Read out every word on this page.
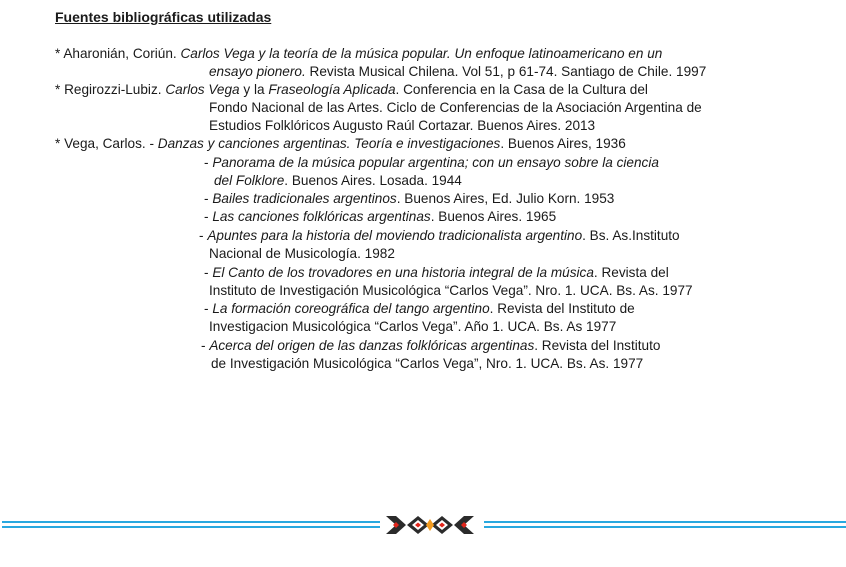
Fuentes bibliográficas utilizadas

* Aharonián, Coriún. Carlos Vega y la teoría de la música popular. Un enfoque latinoamericano en un

ensayo pionero. Revista Musical Chilena. Vol 51, p 61-74. Santiago de Chile. 1997

* Regirozzi-Lubiz. Carlos Vega y la Fraseología Aplicada. Conferencia en la Casa de la Cultura del

Fondo Nacional de las Artes. Ciclo de Conferencias de la Asociación Argentina de

Estudios Folklóricos Augusto Raúl Cortazar. Buenos Aires. 2013

* Vega, Carlos. - Danzas y canciones argentinas. Teoría e investigaciones. Buenos Aires, 1936

- Panorama de la música popular argentina; con un ensayo sobre la ciencia

del Folklore. Buenos Aires. Losada. 1944

- Bailes tradicionales argentinos. Buenos Aires, Ed. Julio Korn. 1953

- Las canciones folklóricas argentinas. Buenos Aires. 1965

- Apuntes para la historia del moviendo tradicionalista argentino. Bs. As.Instituto

Nacional de Musicología. 1982

- El Canto de los trovadores en una historia integral de la música. Revista del

Instituto de Investigación Musicológica “Carlos Vega”. Nro. 1. UCA. Bs. As. 1977

- La formación coreográfica del tango argentino. Revista del Instituto de

Investigacion Musicológica “Carlos Vega”. Año 1. UCA. Bs. As 1977

- Acerca del origen de las danzas folklóricas argentinas. Revista del Instituto

de Investigación Musicológica “Carlos Vega”, Nro. 1. UCA. Bs. As. 1977
